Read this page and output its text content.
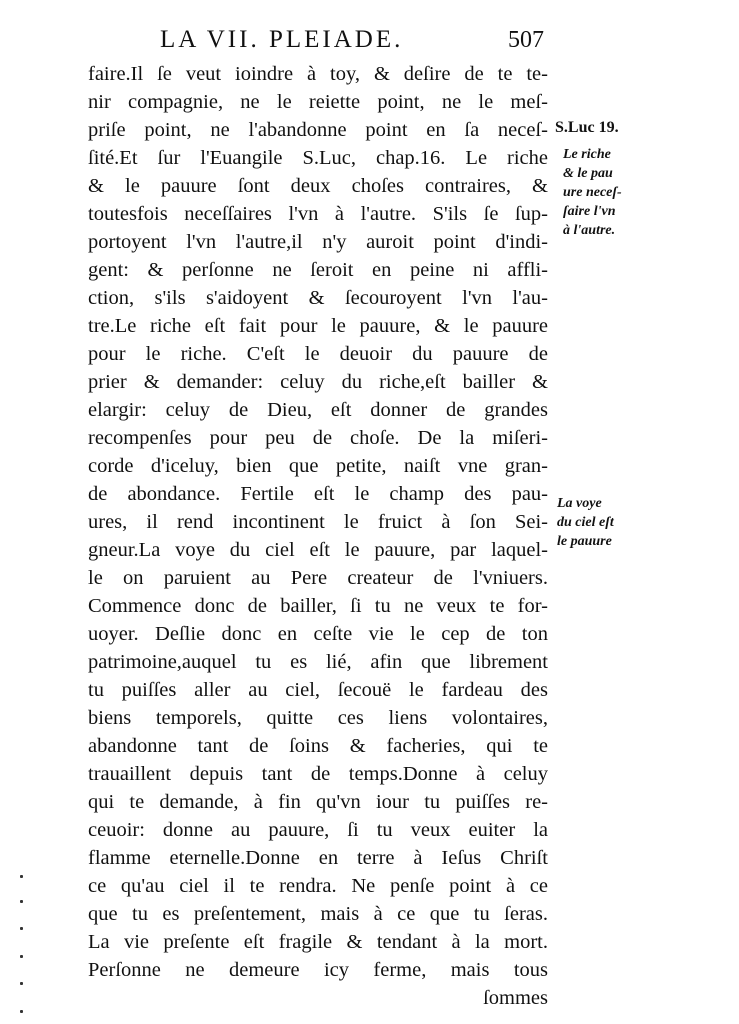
LA VII. PLEIADE.	507
faire.Il ſe veut ioindre à toy, & deſire de te te-
nir compagnie, ne le reiette point, ne le meſ-
priſe point, ne l'abandonne point en ſa neceſ-
ſité.Et ſur l'Euangile S.Luc, chap.16. Le riche
& le pauure ſont deux choſes contraires, &
toutesfois neceſſaires l'vn à l'autre. S'ils ſe ſup-
portoyent l'vn l'autre,il n'y auroit point d'indi-
gent: & perſonne ne ſeroit en peine ni affli-
ction, s'ils s'aidoyent & ſecouroyent l'vn l'au-
tre.Le riche eſt fait pour le pauure, & le pauure
pour le riche. C'eſt le deuoir du pauure de
prier & demander: celuy du riche,eſt bailler &
elargir: celuy de Dieu, eſt donner de grandes
recompenſes pour peu de choſe. De la miſeri-
corde d'iceluy, bien que petite, naiſt vne gran-
de abondance. Fertile eſt le champ des pau-
ures, il rend incontinent le fruict à ſon Sei-
gneur.La voye du ciel eſt le pauure, par laquel-
le on paruient au Pere createur de l'vniuers.
Commence donc de bailler, ſi tu ne veux te for-
uoyer. Deſlie donc en ceſte vie le cep de ton
patrimoine,auquel tu es lié, afin que librement
tu puiſſes aller au ciel, ſecouë le fardeau des
biens temporels, quitte ces liens volontaires,
abandonne tant de ſoins & facheries, qui te
trauaillent depuis tant de temps.Donne à celuy
qui te demande, à fin qu'vn iour tu puiſſes re-
ceuoir: donne au pauure, ſi tu veux euiter la
flamme eternelle.Donne en terre à Ieſus Chriſt
ce qu'au ciel il te rendra. Ne penſe point à ce
que tu es preſentement, mais à ce que tu ſeras.
La vie preſente eſt fragile & tendant à la mort.
Perſonne ne demeure icy ferme, mais tous
ſommes
S.Luc 19.
Le riche
& le pau
ure neceſ-
ſaire l'vn
à l'autre.
La voye
du ciel eſt
le pauure
